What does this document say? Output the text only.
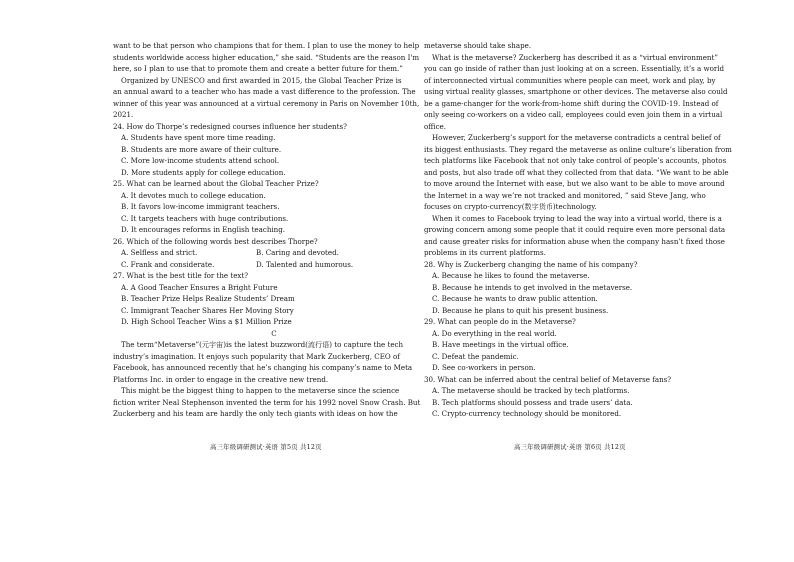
want to be that person who champions that for them. I plan to use the money to help
students worldwide access higher education,” she said. “Students are the reason I'm
here, so I plan to use that to promote them and create a better future for them.”
Organized by UNESCO and first awarded in 2015, the Global Teacher Prize is
an annual award to a teacher who has made a vast difference to the profession. The
winner of this year was announced at a virtual ceremony in Paris on November 10th,
2021.
24. How do Thorpe’s redesigned courses influence her students?
A. Students have spent more time reading.
B. Students are more aware of their culture.
C. More low-income students attend school.
D. More students apply for college education.
25. What can be learned about the Global Teacher Prize?
A. It devotes much to college education.
B. It favors low-income immigrant teachers.
C. It targets teachers with huge contributions.
D. It encourages reforms in English teaching.
26. Which of the following words best describes Thorpe?
A. Selfless and strict.	B. Caring and devoted.
C. Frank and considerate.	D. Talented and humorous.
27. What is the best title for the text?
A. A Good Teacher Ensures a Bright Future
B. Teacher Prize Helps Realize Students’ Dream
C. Immigrant Teacher Shares Her Moving Story
D. High School Teacher Wins a $1 Million Prize
C
The term“Metaverse”(元宇宙)is the latest buzzword(流行语) to capture the tech
industry’s imagination. It enjoys such popularity that Mark Zuckerberg, CEO of
Facebook, has announced recently that he’s changing his company’s name to Meta
Platforms Inc. in order to engage in the creative new trend.
This might be the biggest thing to happen to the metaverse since the science
fiction writer Neal Stephenson invented the term for his 1992 novel Snow Crash. But
Zuckerberg and his team are hardly the only tech giants with ideas on how the
高三年级调研测试·英语 第5页 共12页
metaverse should take shape.
What is the metaverse? Zuckerberg has described it as a “virtual environment”
you can go inside of rather than just looking at on a screen. Essentially, it’s a world
of interconnected virtual communities where people can meet, work and play, by
using virtual reality glasses, smartphone or other devices. The metaverse also could
be a game-changer for the work-from-home shift during the COVID-19. Instead of
only seeing co-workers on a video call, employees could even join them in a virtual
office.
However, Zuckerberg’s support for the metaverse contradicts a central belief of
its biggest enthusiasts. They regard the metaverse as online culture’s liberation from
tech platforms like Facebook that not only take control of people’s accounts, photos
and posts, but also trade off what they collected from that data. “We want to be able
to move around the Internet with ease, but we also want to be able to move around
the Internet in a way we’re not tracked and monitored, ” said Steve Jang, who
focuses on crypto-currency(数字货币)technology.
When it comes to Facebook trying to lead the way into a virtual world, there is a
growing concern among some people that it could require even more personal data
and cause greater risks for information abuse when the company hasn’t fixed those
problems in its current platforms.
28. Why is Zuckerberg changing the name of his company?
A. Because he likes to found the metaverse.
B. Because he intends to get involved in the metaverse.
C. Because he wants to draw public attention.
D. Because he plans to quit his present business.
29. What can people do in the Metaverse?
A. Do everything in the real world.
B. Have meetings in the virtual office.
C. Defeat the pandemic.
D. See co-workers in person.
30. What can be inferred about the central belief of Metaverse fans?
A. The metaverse should be tracked by tech platforms.
B. Tech platforms should possess and trade users’ data.
C. Crypto-currency technology should be monitored.
高三年级调研测试·英语 第6页 共12页
